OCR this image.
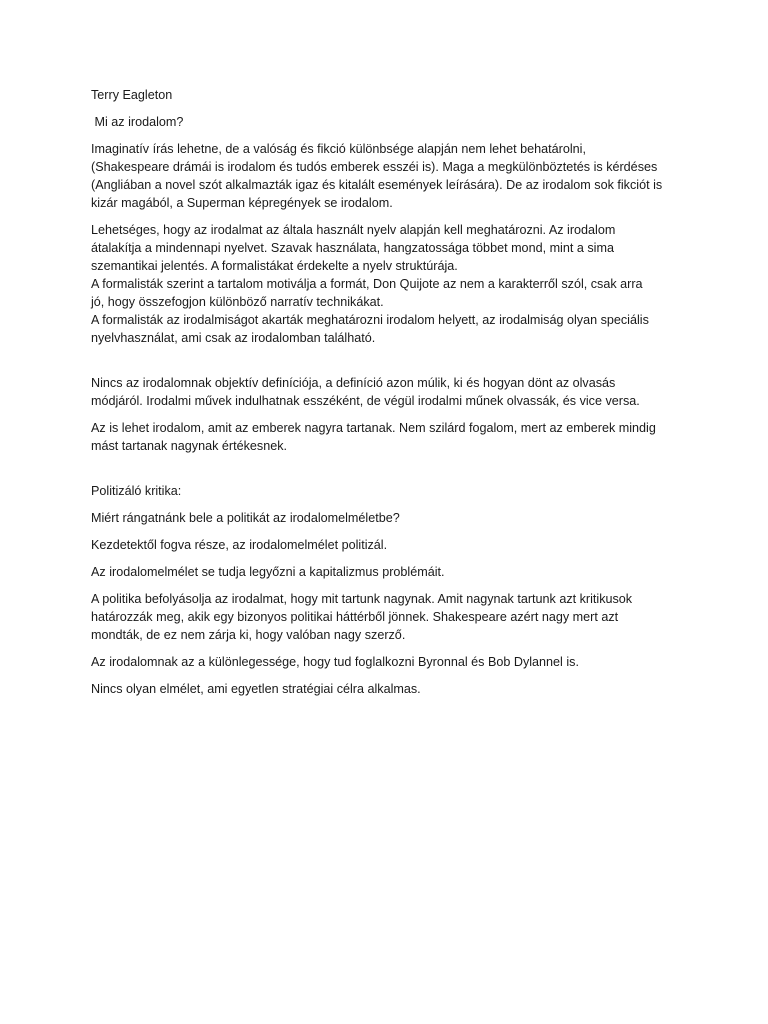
Terry Eagleton

Mi az irodalom?

Imaginatív írás lehetne, de a valóság és fikció különbsége alapján nem lehet behatárolni,
(Shakespeare drámái is irodalom és tudós emberek esszéi is). Maga a megkülönböztetés is kérdéses
(Angliában a novel szót alkalmazták igaz és kitalált események leírására). De az irodalom sok fikciót is
kizár magából, a Superman képregények se irodalom.

Lehetséges, hogy az irodalmat az általa használt nyelv alapján kell meghatározni. Az irodalom
átalakítja a mindennapi nyelvet. Szavak használata, hangzatossága többet mond, mint a sima
szemantikai jelentés. A formalistákat érdekelte a nyelv struktúrája.
A formalisták szerint a tartalom motiválja a formát, Don Quijote az nem a karakterről szól, csak arra
jó, hogy összefogjon különböző narratív technikákat.
A formalisták az irodalmiságot akarták meghatározni irodalom helyett, az irodalmiság olyan speciális
nyelvhasználat, ami csak az irodalomban található.

Nincs az irodalomnak objektív definíciója, a definíció azon múlik, ki és hogyan dönt az olvasás
módjáról. Irodalmi művek indulhatnak esszéként, de végül irodalmi műnek olvassák, és vice versa.

Az is lehet irodalom, amit az emberek nagyra tartanak. Nem szilárd fogalom, mert az emberek mindig
mást tartanak nagynak értékesnek.

Politizáló kritika:

Miért rángatnánk bele a politikát az irodalomelméletbe?

Kezdetektől fogva része, az irodalomelmélet politizál.

Az irodalomelmélet se tudja legyőzni a kapitalizmus problémáit.

A politika befolyásolja az irodalmat, hogy mit tartunk nagynak. Amit nagynak tartunk azt kritikusok
határozzák meg, akik egy bizonyos politikai háttérből jönnek. Shakespeare azért nagy mert azt
mondták, de ez nem zárja ki, hogy valóban nagy szerző.

Az irodalomnak az a különlegessége, hogy tud foglalkozni Byronnal és Bob Dylannel is.

Nincs olyan elmélet, ami egyetlen stratégiai célra alkalmas.
